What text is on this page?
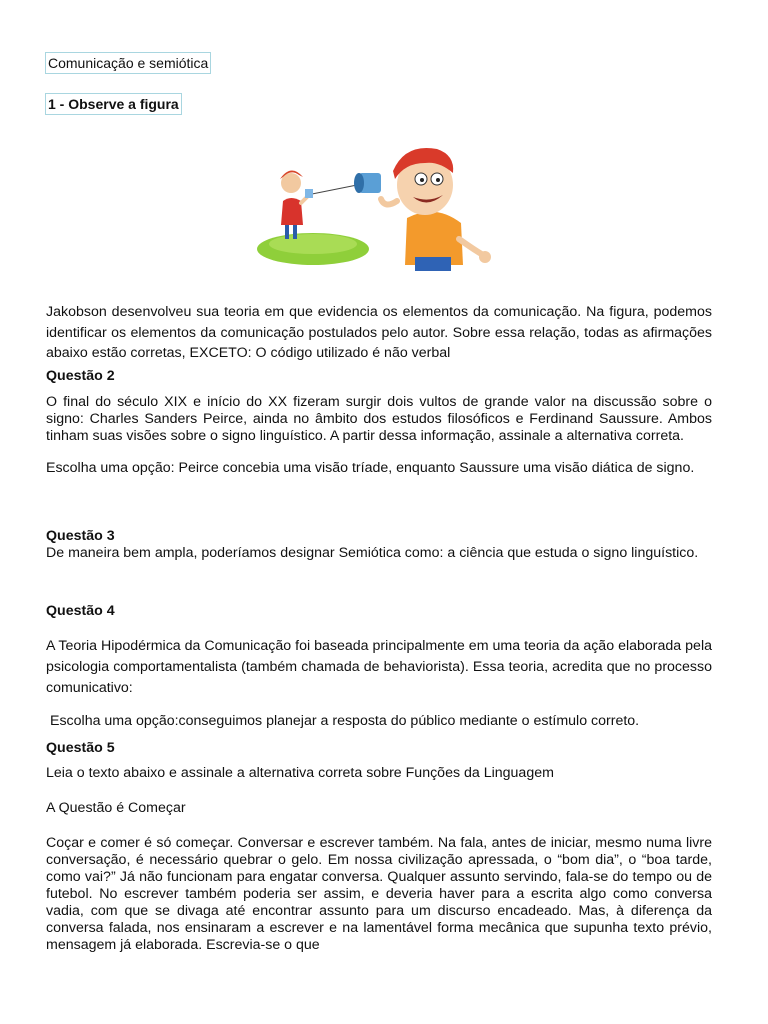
Comunicação e semiótica
1 - Observe a figura
Jakobson desenvolveu sua teoria em que evidencia os elementos da comunicação. Na figura, podemos identificar os elementos da comunicação postulados pelo autor. Sobre essa relação, todas as afirmações abaixo estão corretas, EXCETO: O código utilizado é não verbal
Questão 2
O final do século XIX e início do XX fizeram surgir dois vultos de grande valor na discussão sobre o signo: Charles Sanders Peirce, ainda no âmbito dos estudos filosóficos e Ferdinand Saussure. Ambos tinham suas visões sobre o signo linguístico. A partir dessa informação, assinale a alternativa correta.
Escolha uma opção: Peirce concebia uma visão tríade, enquanto Saussure uma visão diática de signo.
Questão 3
De maneira bem ampla, poderíamos designar Semiótica como: a ciência que estuda o signo linguístico.
Questão 4
A Teoria Hipodérmica da Comunicação foi baseada principalmente em uma teoria da ação elaborada pela psicologia comportamentalista (também chamada de behaviorista). Essa teoria, acredita que no processo comunicativo:
Escolha uma opção:conseguimos planejar a resposta do público mediante o estímulo correto.
Questão 5
Leia o texto abaixo e assinale a alternativa correta sobre Funções da Linguagem
A Questão é Começar
Coçar e comer é só começar. Conversar e escrever também. Na fala, antes de iniciar, mesmo numa livre conversação, é necessário quebrar o gelo. Em nossa civilização apressada, o “bom dia”, o “boa tarde, como vai?” Já não funcionam para engatar conversa. Qualquer assunto servindo, fala-se do tempo ou de futebol. No escrever também poderia ser assim, e deveria haver para a escrita algo como conversa vadia, com que se divaga até encontrar assunto para um discurso encadeado. Mas, à diferença da conversa falada, nos ensinaram a escrever e na lamentável forma mecânica que supunha texto prévio, mensagem já elaborada. Escrevia-se o que
